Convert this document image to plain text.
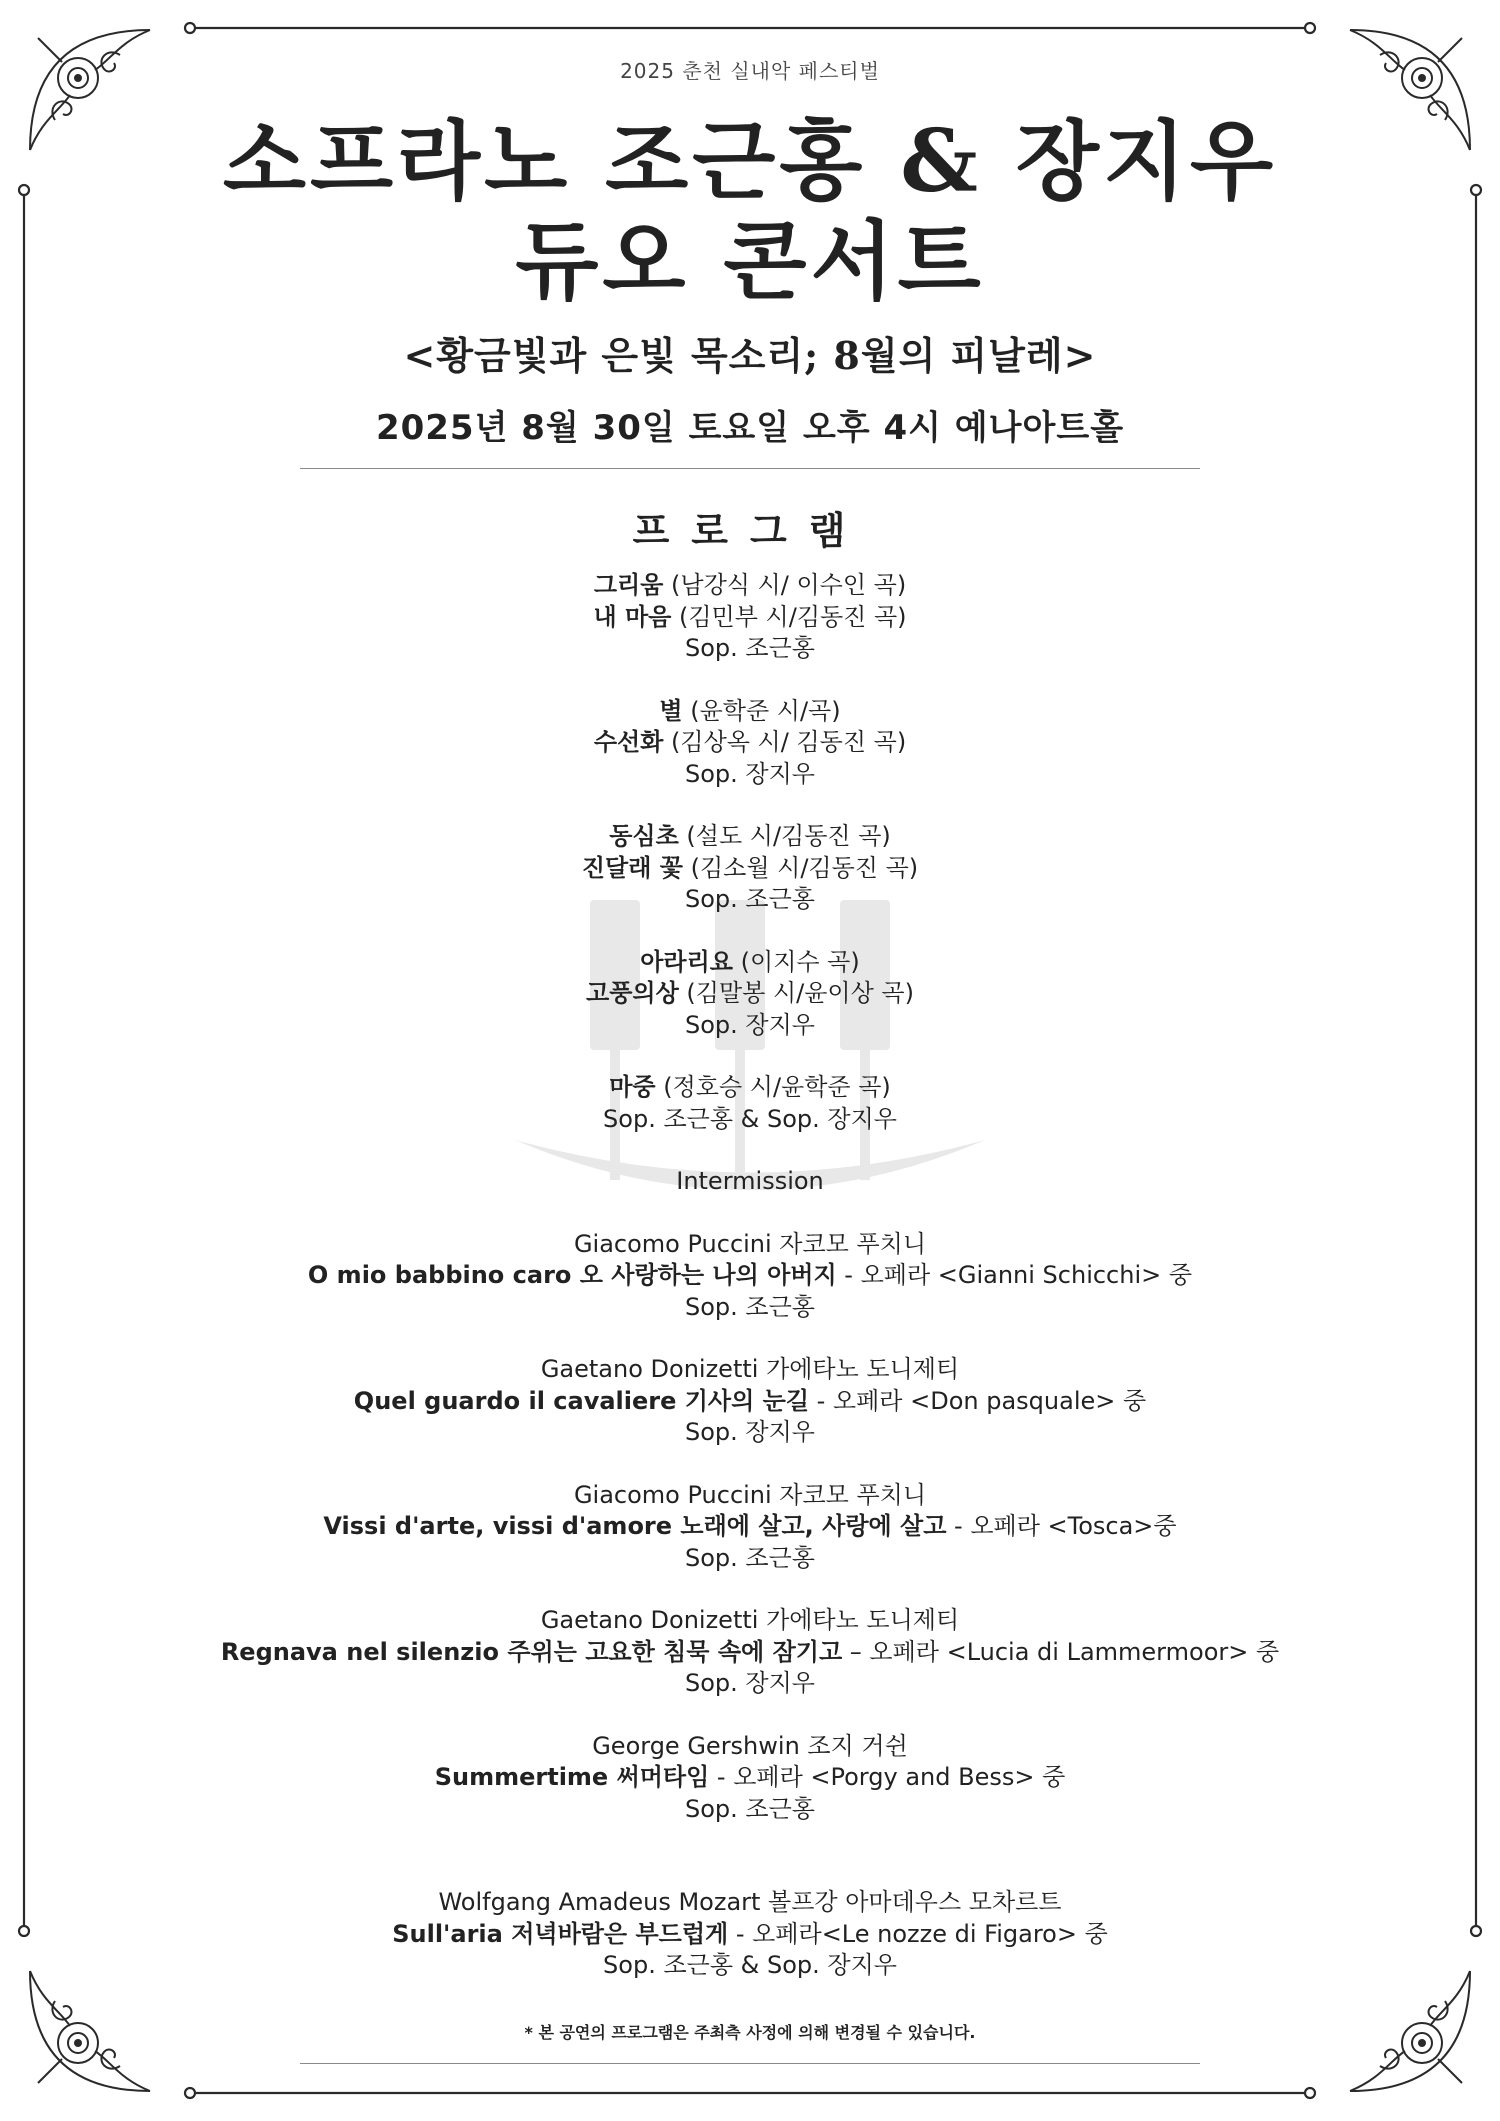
2025 춘천 실내악 페스티벌
소프라노 조근홍 & 장지우
듀오 콘서트
<황금빛과 은빛 목소리; 8월의 피날레>
2025년 8월 30일 토요일 오후 4시 예나아트홀
프로그램
그리움 (남강식 시/ 이수인 곡)
내 마음 (김민부 시/김동진 곡)
Sop. 조근홍
별 (윤학준 시/곡)
수선화 (김상옥 시/ 김동진 곡)
Sop. 장지우
동심초 (설도 시/김동진 곡)
진달래 꽃 (김소월 시/김동진 곡)
Sop. 조근홍
아라리요 (이지수 곡)
고풍의상 (김말봉 시/윤이상 곡)
Sop. 장지우
마중 (정호승 시/윤학준 곡)
Sop. 조근홍 & Sop. 장지우
Intermission
Giacomo Puccini 자코모 푸치니
O mio babbino caro 오 사랑하는 나의 아버지 - 오페라 <Gianni Schicchi> 중
Sop. 조근홍
Gaetano Donizetti 가에타노 도니제티
Quel guardo il cavaliere 기사의 눈길 - 오페라 <Don pasquale> 중
Sop. 장지우
Giacomo Puccini 자코모 푸치니
Vissi d'arte, vissi d'amore 노래에 살고, 사랑에 살고 - 오페라 <Tosca>중
Sop. 조근홍
Gaetano Donizetti 가에타노 도니제티
Regnava nel silenzio 주위는 고요한 침묵 속에 잠기고 – 오페라 <Lucia di Lammermoor> 중
Sop. 장지우
George Gershwin 조지 거쉰
Summertime 써머타임 - 오페라 <Porgy and Bess> 중
Sop. 조근홍
Wolfgang Amadeus Mozart 볼프강 아마데우스 모차르트
Sull'aria 저녁바람은 부드럽게 - 오페라<Le nozze di Figaro> 중
Sop. 조근홍 & Sop. 장지우
* 본 공연의 프로그램은 주최측 사정에 의해 변경될 수 있습니다.
